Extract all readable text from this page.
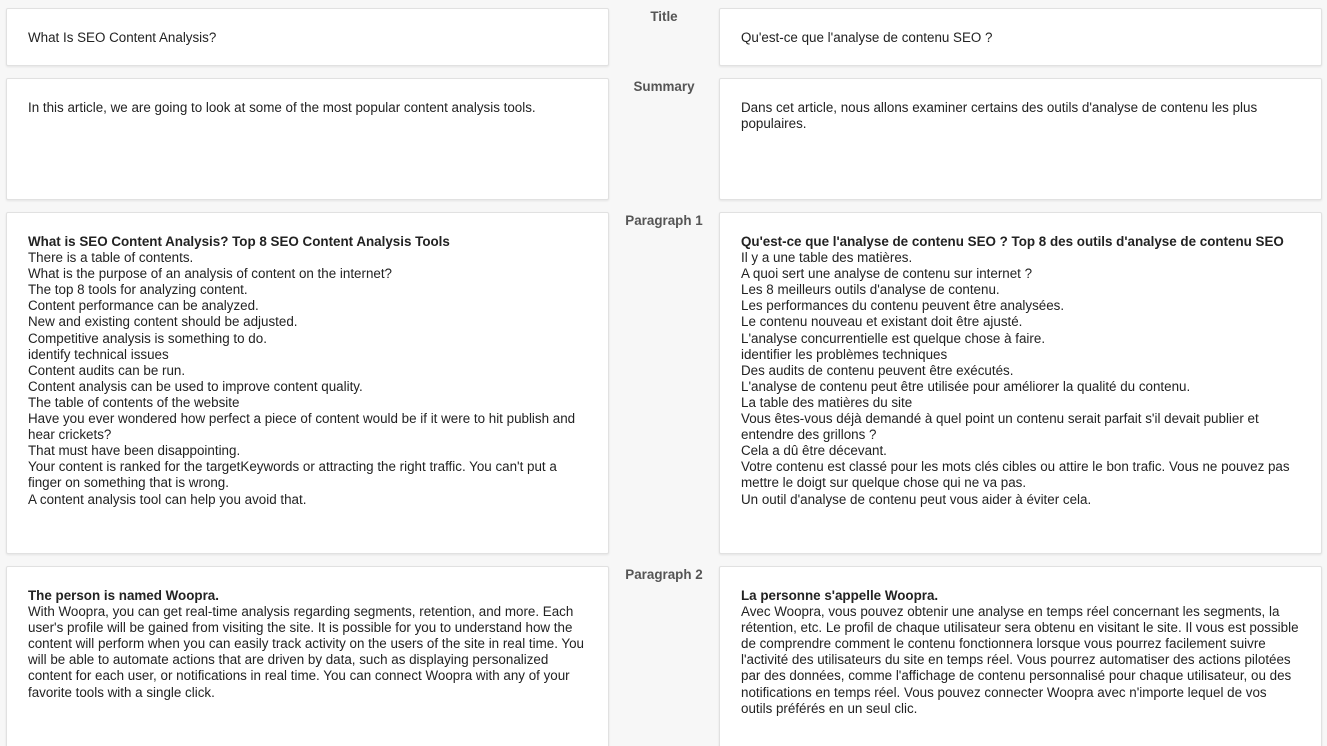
What Is SEO Content Analysis?
Title
Qu'est-ce que l'analyse de contenu SEO ?
In this article, we are going to look at some of the most popular content analysis tools.
Summary
Dans cet article, nous allons examiner certains des outils d'analyse de contenu les plus populaires.
What is SEO Content Analysis? Top 8 SEO Content Analysis Tools
There is a table of contents.
What is the purpose of an analysis of content on the internet?
The top 8 tools for analyzing content.
Content performance can be analyzed.
New and existing content should be adjusted.
Competitive analysis is something to do.
identify technical issues
Content audits can be run.
Content analysis can be used to improve content quality.
The table of contents of the website
Have you ever wondered how perfect a piece of content would be if it were to hit publish and hear crickets?
That must have been disappointing.
Your content is ranked for the targetKeywords or attracting the right traffic. You can't put a finger on something that is wrong.
A content analysis tool can help you avoid that.
Paragraph 1
Qu'est-ce que l'analyse de contenu SEO ? Top 8 des outils d'analyse de contenu SEO
Il y a une table des matières.
A quoi sert une analyse de contenu sur internet ?
Les 8 meilleurs outils d'analyse de contenu.
Les performances du contenu peuvent être analysées.
Le contenu nouveau et existant doit être ajusté.
L'analyse concurrentielle est quelque chose à faire.
identifier les problèmes techniques
Des audits de contenu peuvent être exécutés.
L'analyse de contenu peut être utilisée pour améliorer la qualité du contenu.
La table des matières du site
Vous êtes-vous déjà demandé à quel point un contenu serait parfait s'il devait publier et entendre des grillons ?
Cela a dû être décevant.
Votre contenu est classé pour les mots clés cibles ou attire le bon trafic. Vous ne pouvez pas mettre le doigt sur quelque chose qui ne va pas.
Un outil d'analyse de contenu peut vous aider à éviter cela.
The person is named Woopra.
With Woopra, you can get real-time analysis regarding segments, retention, and more. Each user's profile will be gained from visiting the site. It is possible for you to understand how the content will perform when you can easily track activity on the users of the site in real time. You will be able to automate actions that are driven by data, such as displaying personalized content for each user, or notifications in real time. You can connect Woopra with any of your favorite tools with a single click.
Paragraph 2
La personne s'appelle Woopra.
Avec Woopra, vous pouvez obtenir une analyse en temps réel concernant les segments, la rétention, etc. Le profil de chaque utilisateur sera obtenu en visitant le site. Il vous est possible de comprendre comment le contenu fonctionnera lorsque vous pourrez facilement suivre l'activité des utilisateurs du site en temps réel. Vous pourrez automatiser des actions pilotées par des données, comme l'affichage de contenu personnalisé pour chaque utilisateur, ou des notifications en temps réel. Vous pouvez connecter Woopra avec n'importe lequel de vos outils préférés en un seul clic.
